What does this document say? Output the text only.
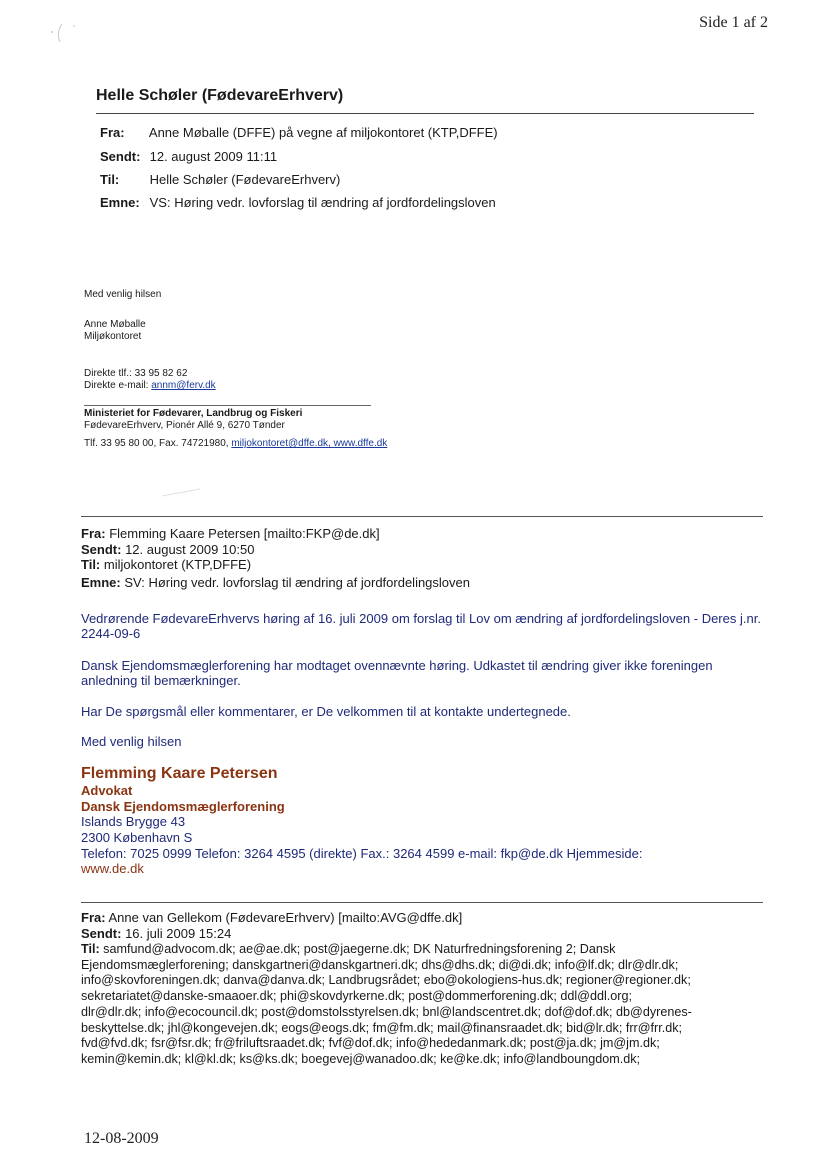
Side 1 af 2
Helle Schøler (FødevareErhverv)
Fra: Anne Møballe (DFFE) på vegne af miljokontoret (KTP,DFFE)
Sendt: 12. august 2009 11:11
Til: Helle Schøler (FødevareErhverv)
Emne: VS: Høring vedr. lovforslag til ændring af jordfordelingsloven
Med venlig hilsen
Anne Møballe
Miljøkontoret
Direkte tlf.: 33 95 82 62
Direkte e-mail: annm@ferv.dk
Ministeriet for Fødevarer, Landbrug og Fiskeri
FødevareErhverv, Pionér Allé 9, 6270 Tønder
Tlf. 33 95 80 00, Fax. 74721980, miljokontoret@dffe.dk, www.dffe.dk
Fra: Flemming Kaare Petersen [mailto:FKP@de.dk]
Sendt: 12. august 2009 10:50
Til: miljokontoret (KTP,DFFE)
Emne: SV: Høring vedr. lovforslag til ændring af jordfordelingsloven
Vedrørende FødevareErhvervs høring af 16. juli 2009 om forslag til Lov om ændring af jordfordelingsloven - Deres j.nr. 2244-09-6
Dansk Ejendomsmæglerforening har modtaget ovennævnte høring. Udkastet til ændring giver ikke foreningen anledning til bemærkninger.
Har De spørgsmål eller kommentarer, er De velkommen til at kontakte undertegnede.
Med venlig hilsen
Flemming Kaare Petersen
Advokat
Dansk Ejendomsmæglerforening
Islands Brygge 43
2300 København S
Telefon: 7025 0999 Telefon: 3264 4595 (direkte) Fax.: 3264 4599 e-mail: fkp@de.dk Hjemmeside:
www.de.dk
Fra: Anne van Gellekom (FødevareErhverv) [mailto:AVG@dffe.dk]
Sendt: 16. juli 2009 15:24
Til: samfund@advocom.dk; ae@ae.dk; post@jaegerne.dk; DK Naturfredningsforening 2; Dansk
Ejendomsmæglerforening; danskgartneri@danskgartneri.dk; dhs@dhs.dk; di@di.dk; info@lf.dk; dlr@dlr.dk;
info@skovforeningen.dk; danva@danva.dk; Landbrugsrådet; ebo@okologiens-hus.dk; regioner@regioner.dk;
sekretariatet@danske-smaaoer.dk; phi@skovdyrkerne.dk; post@dommerforening.dk; ddl@ddl.org;
dlr@dlr.dk; info@ecocouncil.dk; post@domstolsstyrelsen.dk; bnl@landscentret.dk; dof@dof.dk; db@dyrenes-
beskyttelse.dk; jhl@kongevejen.dk; eogs@eogs.dk; fm@fm.dk; mail@finansraadet.dk; bid@lr.dk; frr@frr.dk;
fvd@fvd.dk; fsr@fsr.dk; fr@friluftsraadet.dk; fvf@dof.dk; info@hededanmark.dk; post@ja.dk; jm@jm.dk;
kemin@kemin.dk; kl@kl.dk; ks@ks.dk; boegevej@wanadoo.dk; ke@ke.dk; info@landboungdom.dk;
12-08-2009
